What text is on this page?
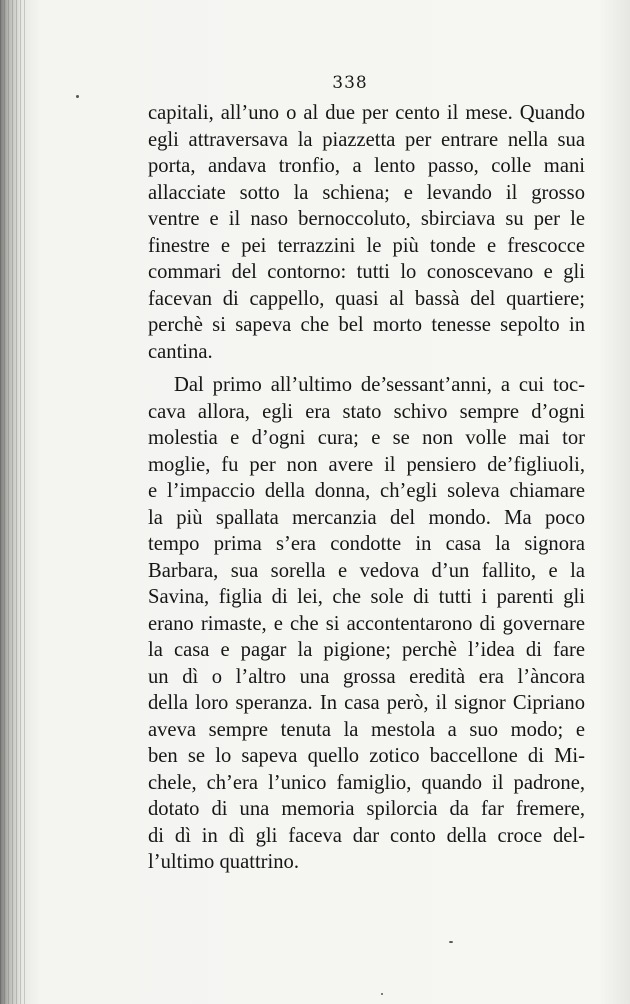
338
capitali, all’uno o al due per cento il mese. Quando
egli attraversava la piazzetta per entrare nella sua
porta, andava tronfio, a lento passo, colle mani
allacciate sotto la schiena; e levando il grosso
ventre e il naso bernoccoluto, sbirciava su per le
finestre e pei terrazzini le più tonde e frescocce
commari del contorno: tutti lo conoscevano e gli
facevan di cappello, quasi al bassà del quartiere;
perchè si sapeva che bel morto tenesse sepolto in
cantina.
Dal primo all’ultimo de’sessant’anni, a cui toc-
cava allora, egli era stato schivo sempre d’ogni
molestia e d’ogni cura; e se non volle mai tor
moglie, fu per non avere il pensiero de’figliuoli,
e l’impaccio della donna, ch’egli soleva chiamare
la più spallata mercanzia del mondo. Ma poco
tempo prima s’era condotte in casa la signora
Barbara, sua sorella e vedova d’un fallito, e la
Savina, figlia di lei, che sole di tutti i parenti gli
erano rimaste, e che si accontentarono di governare
la casa e pagar la pigione; perchè l’idea di fare
un dì o l’altro una grossa eredità era l’àncora
della loro speranza. In casa però, il signor Cipriano
aveva sempre tenuta la mestola a suo modo; e
ben se lo sapeva quello zotico baccellone di Mi-
chele, ch’era l’unico famiglio, quando il padrone,
dotato di una memoria spilorcia da far fremere,
di dì in dì gli faceva dar conto della croce del-
l’ultimo quattrino.
